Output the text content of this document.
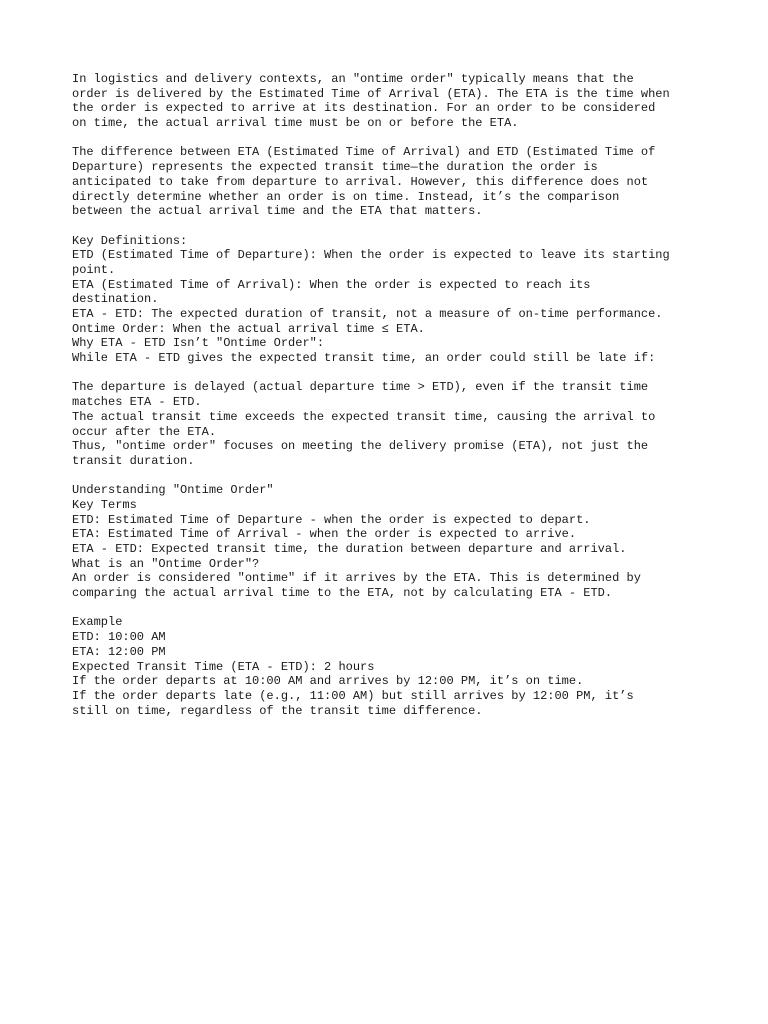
In logistics and delivery contexts, an "ontime order" typically means that the
order is delivered by the Estimated Time of Arrival (ETA). The ETA is the time when
the order is expected to arrive at its destination. For an order to be considered
on time, the actual arrival time must be on or before the ETA.
The difference between ETA (Estimated Time of Arrival) and ETD (Estimated Time of
Departure) represents the expected transit time—the duration the order is
anticipated to take from departure to arrival. However, this difference does not
directly determine whether an order is on time. Instead, it’s the comparison
between the actual arrival time and the ETA that matters.
Key Definitions:
ETD (Estimated Time of Departure): When the order is expected to leave its starting
point.
ETA (Estimated Time of Arrival): When the order is expected to reach its
destination.
ETA - ETD: The expected duration of transit, not a measure of on-time performance.
Ontime Order: When the actual arrival time ≤ ETA.
Why ETA - ETD Isn’t "Ontime Order":
While ETA - ETD gives the expected transit time, an order could still be late if:
The departure is delayed (actual departure time > ETD), even if the transit time
matches ETA - ETD.
The actual transit time exceeds the expected transit time, causing the arrival to
occur after the ETA.
Thus, "ontime order" focuses on meeting the delivery promise (ETA), not just the
transit duration.
Understanding "Ontime Order"
Key Terms
ETD: Estimated Time of Departure - when the order is expected to depart.
ETA: Estimated Time of Arrival - when the order is expected to arrive.
ETA - ETD: Expected transit time, the duration between departure and arrival.
What is an "Ontime Order"?
An order is considered "ontime" if it arrives by the ETA. This is determined by
comparing the actual arrival time to the ETA, not by calculating ETA - ETD.
Example
ETD: 10:00 AM
ETA: 12:00 PM
Expected Transit Time (ETA - ETD): 2 hours
If the order departs at 10:00 AM and arrives by 12:00 PM, it’s on time.
If the order departs late (e.g., 11:00 AM) but still arrives by 12:00 PM, it’s
still on time, regardless of the transit time difference.
